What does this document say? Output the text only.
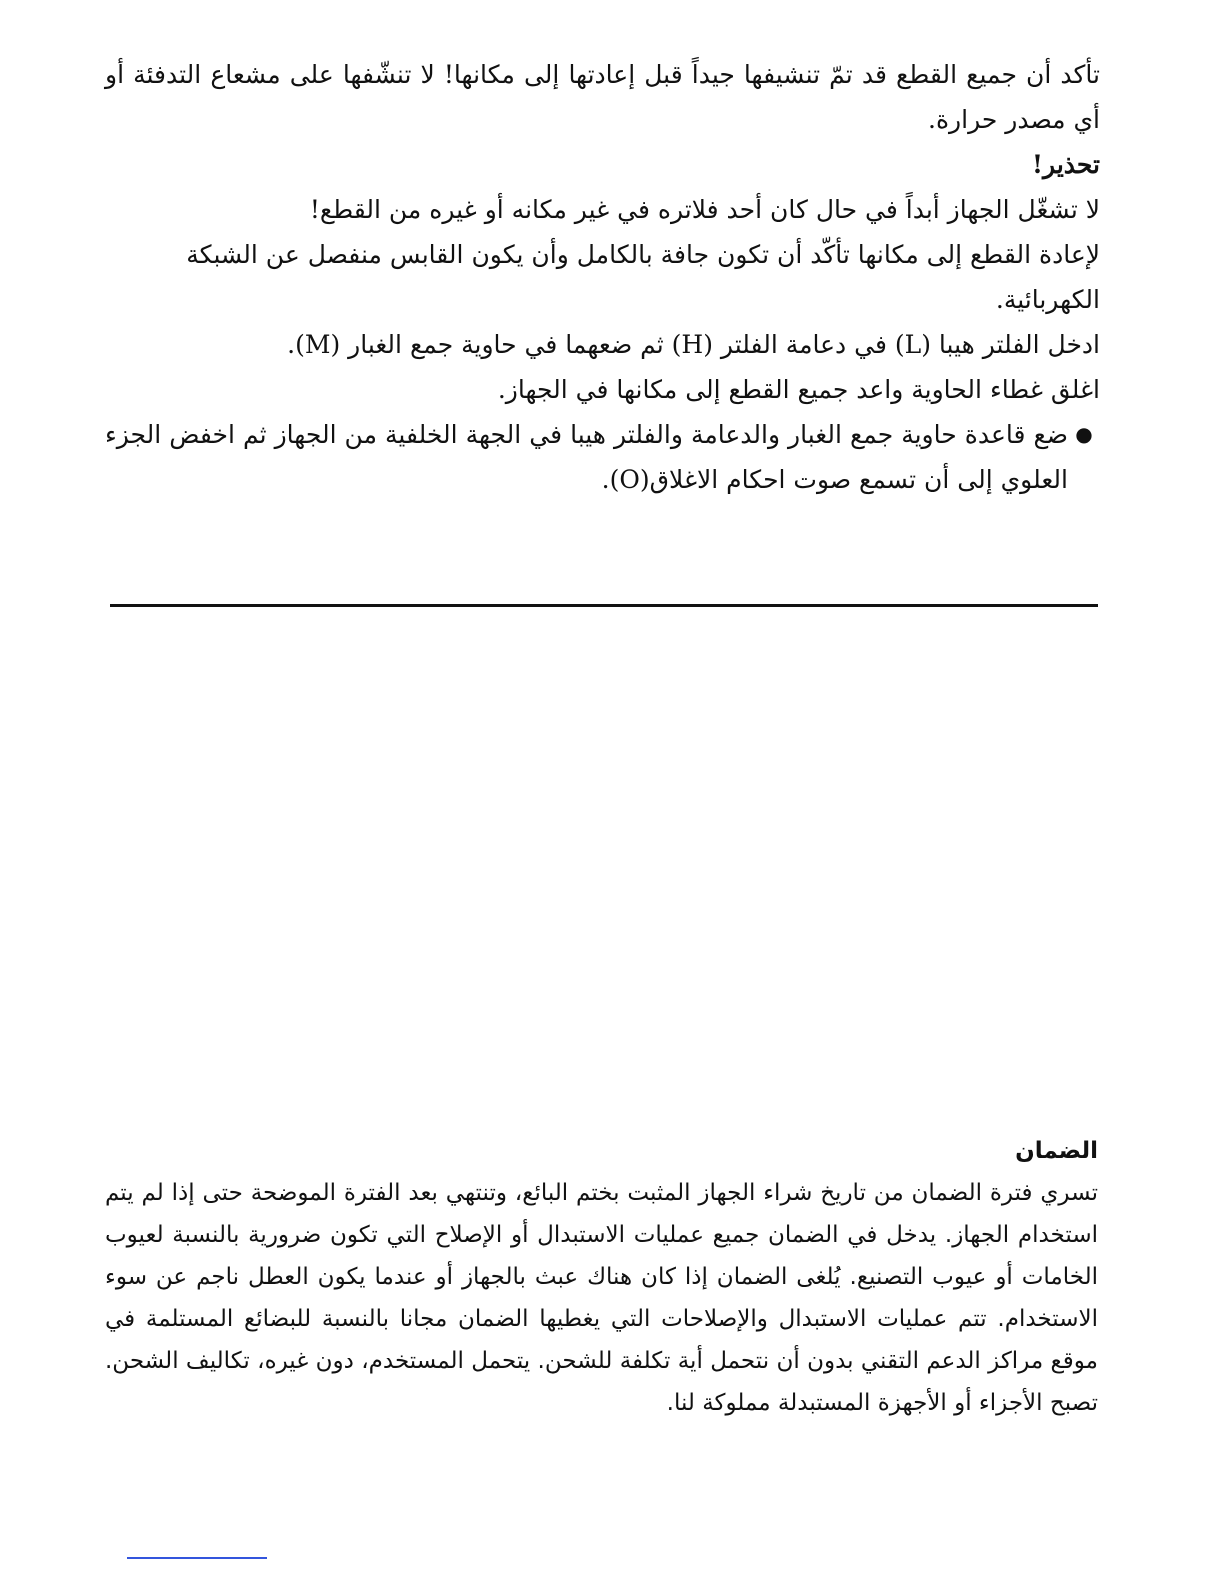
تأكد أن جميع القطع قد تمّ تنشيفها جيداً قبل إعادتها إلى مكانها! لا تنشّفها على مشعاع التدفئة أو أي مصدر حرارة.

تحذير!

لا تشغّل الجهاز أبداً في حال كان أحد فلاتره في غير مكانه أو غيره من القطع!

لإعادة القطع إلى مكانها تأكّد أن تكون جافة بالكامل وأن يكون القابس منفصل عن الشبكة الكهربائية.

ادخل الفلتر هيبا (L) في دعامة الفلتر (H) ثم ضعهما في حاوية جمع الغبار (M).

اغلق غطاء الحاوية واعد جميع القطع إلى مكانها في الجهاز.

●
ضع قاعدة حاوية جمع الغبار والدعامة والفلتر هيبا في الجهة الخلفية من الجهاز ثم اخفض الجزء العلوي إلى أن تسمع صوت احكام الاغلاق(O).

الضمان

تسري فترة الضمان من تاريخ شراء الجهاز المثبت بختم البائع، وتنتهي بعد الفترة الموضحة حتى إذا لم يتم استخدام الجهاز. يدخل في الضمان جميع عمليات الاستبدال أو الإصلاح التي تكون ضرورية بالنسبة لعيوب الخامات أو عيوب التصنيع. يُلغى الضمان إذا كان هناك عبث بالجهاز أو عندما يكون العطل ناجم عن سوء الاستخدام. تتم عمليات الاستبدال والإصلاحات التي يغطيها الضمان مجانا بالنسبة للبضائع المستلمة في موقع مراكز الدعم التقني بدون أن نتحمل أية تكلفة للشحن. يتحمل المستخدم، دون غيره، تكاليف الشحن. تصبح الأجزاء أو الأجهزة المستبدلة مملوكة لنا.
